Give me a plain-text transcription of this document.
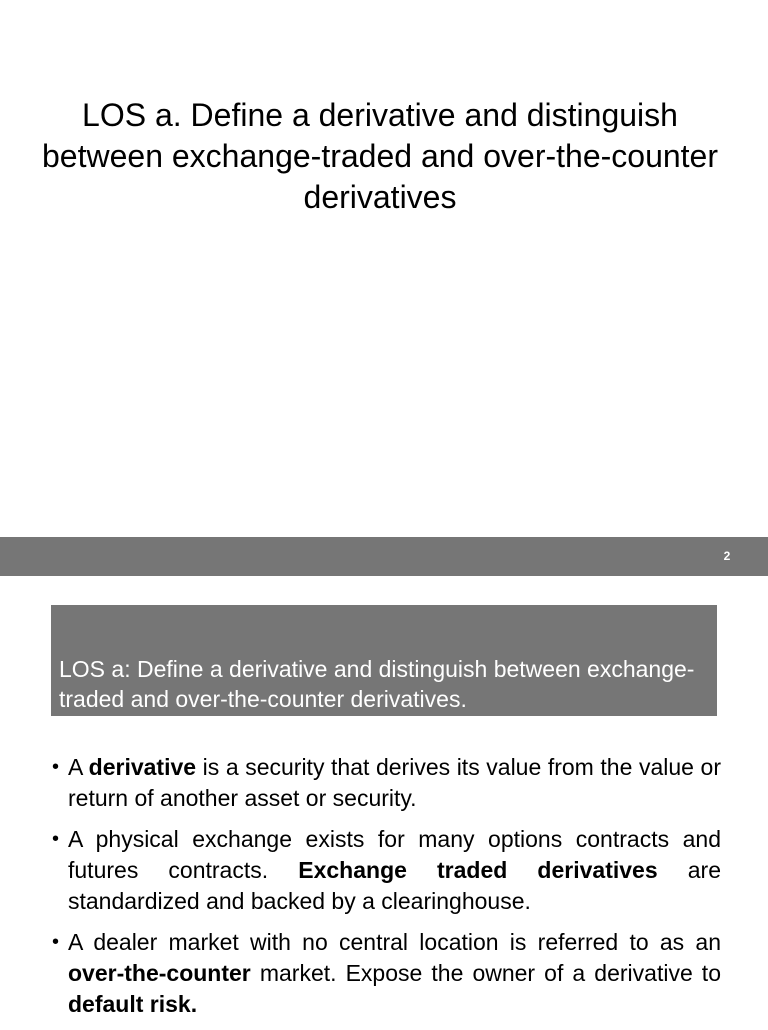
LOS a. Define a derivative and distinguish between exchange-traded and over-the-counter derivatives
2

LOS a: Define a derivative and distinguish between exchange-traded and over-the-counter derivatives.

• A derivative is a security that derives its value from the value or return of another asset or security.
• A physical exchange exists for many options contracts and futures contracts. Exchange traded derivatives are standardized and backed by a clearinghouse.
• A dealer market with no central location is referred to as an over-the-counter market. Expose the owner of a derivative to default risk.
